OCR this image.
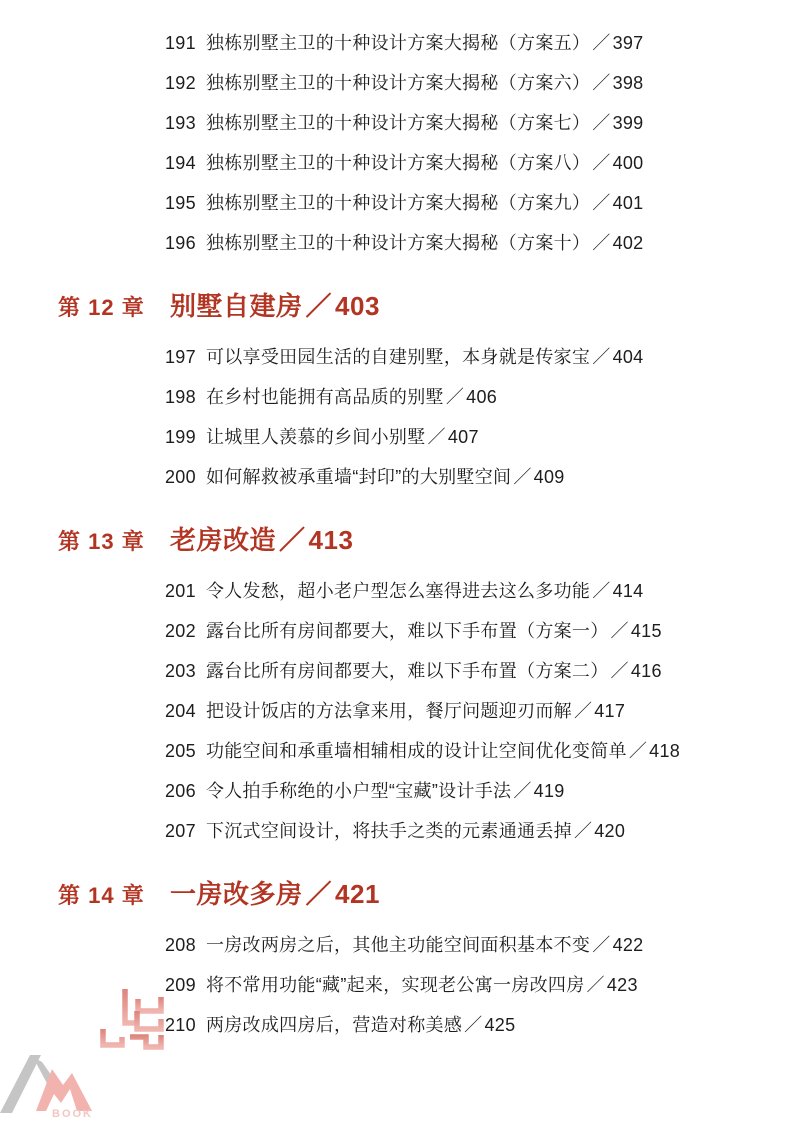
191 独栋别墅主卫的十种设计方案大揭秘（方案五） ／ 397
192 独栋别墅主卫的十种设计方案大揭秘（方案六） ／ 398
193 独栋别墅主卫的十种设计方案大揭秘（方案七） ／ 399
194 独栋别墅主卫的十种设计方案大揭秘（方案八） ／ 400
195 独栋别墅主卫的十种设计方案大揭秘（方案九） ／ 401
196 独栋别墅主卫的十种设计方案大揭秘（方案十） ／ 402
第 12 章 别墅自建房 ／ 403
197 可以享受田园生活的自建别墅，本身就是传家宝 ／ 404
198 在乡村也能拥有高品质的别墅 ／ 406
199 让城里人羡慕的乡间小别墅 ／ 407
200 如何解救被承重墙“封印”的大别墅空间 ／ 409
第 13 章 老房改造 ／ 413
201 令人发愁，超小老户型怎么塞得进去这么多功能 ／ 414
202 露台比所有房间都要大，难以下手布置（方案一） ／ 415
203 露台比所有房间都要大，难以下手布置（方案二） ／ 416
204 把设计饭店的方法拿来用，餐厅问题迎刃而解 ／ 417
205 功能空间和承重墙相辅相成的设计让空间优化变简单 ／ 418
206 令人拍手称绝的小户型“宝藏”设计手法 ／ 419
207 下沉式空间设计，将扶手之类的元素通通丢掉 ／ 420
第 14 章 一房改多房 ／ 421
208 一房改两房之后，其他主功能空间面积基本不变 ／ 422
209 将不常用功能“藏”起来，实现老公寓一房改四房 ／ 423
210 两房改成四房后，营造对称美感 ／ 425
BOOK
